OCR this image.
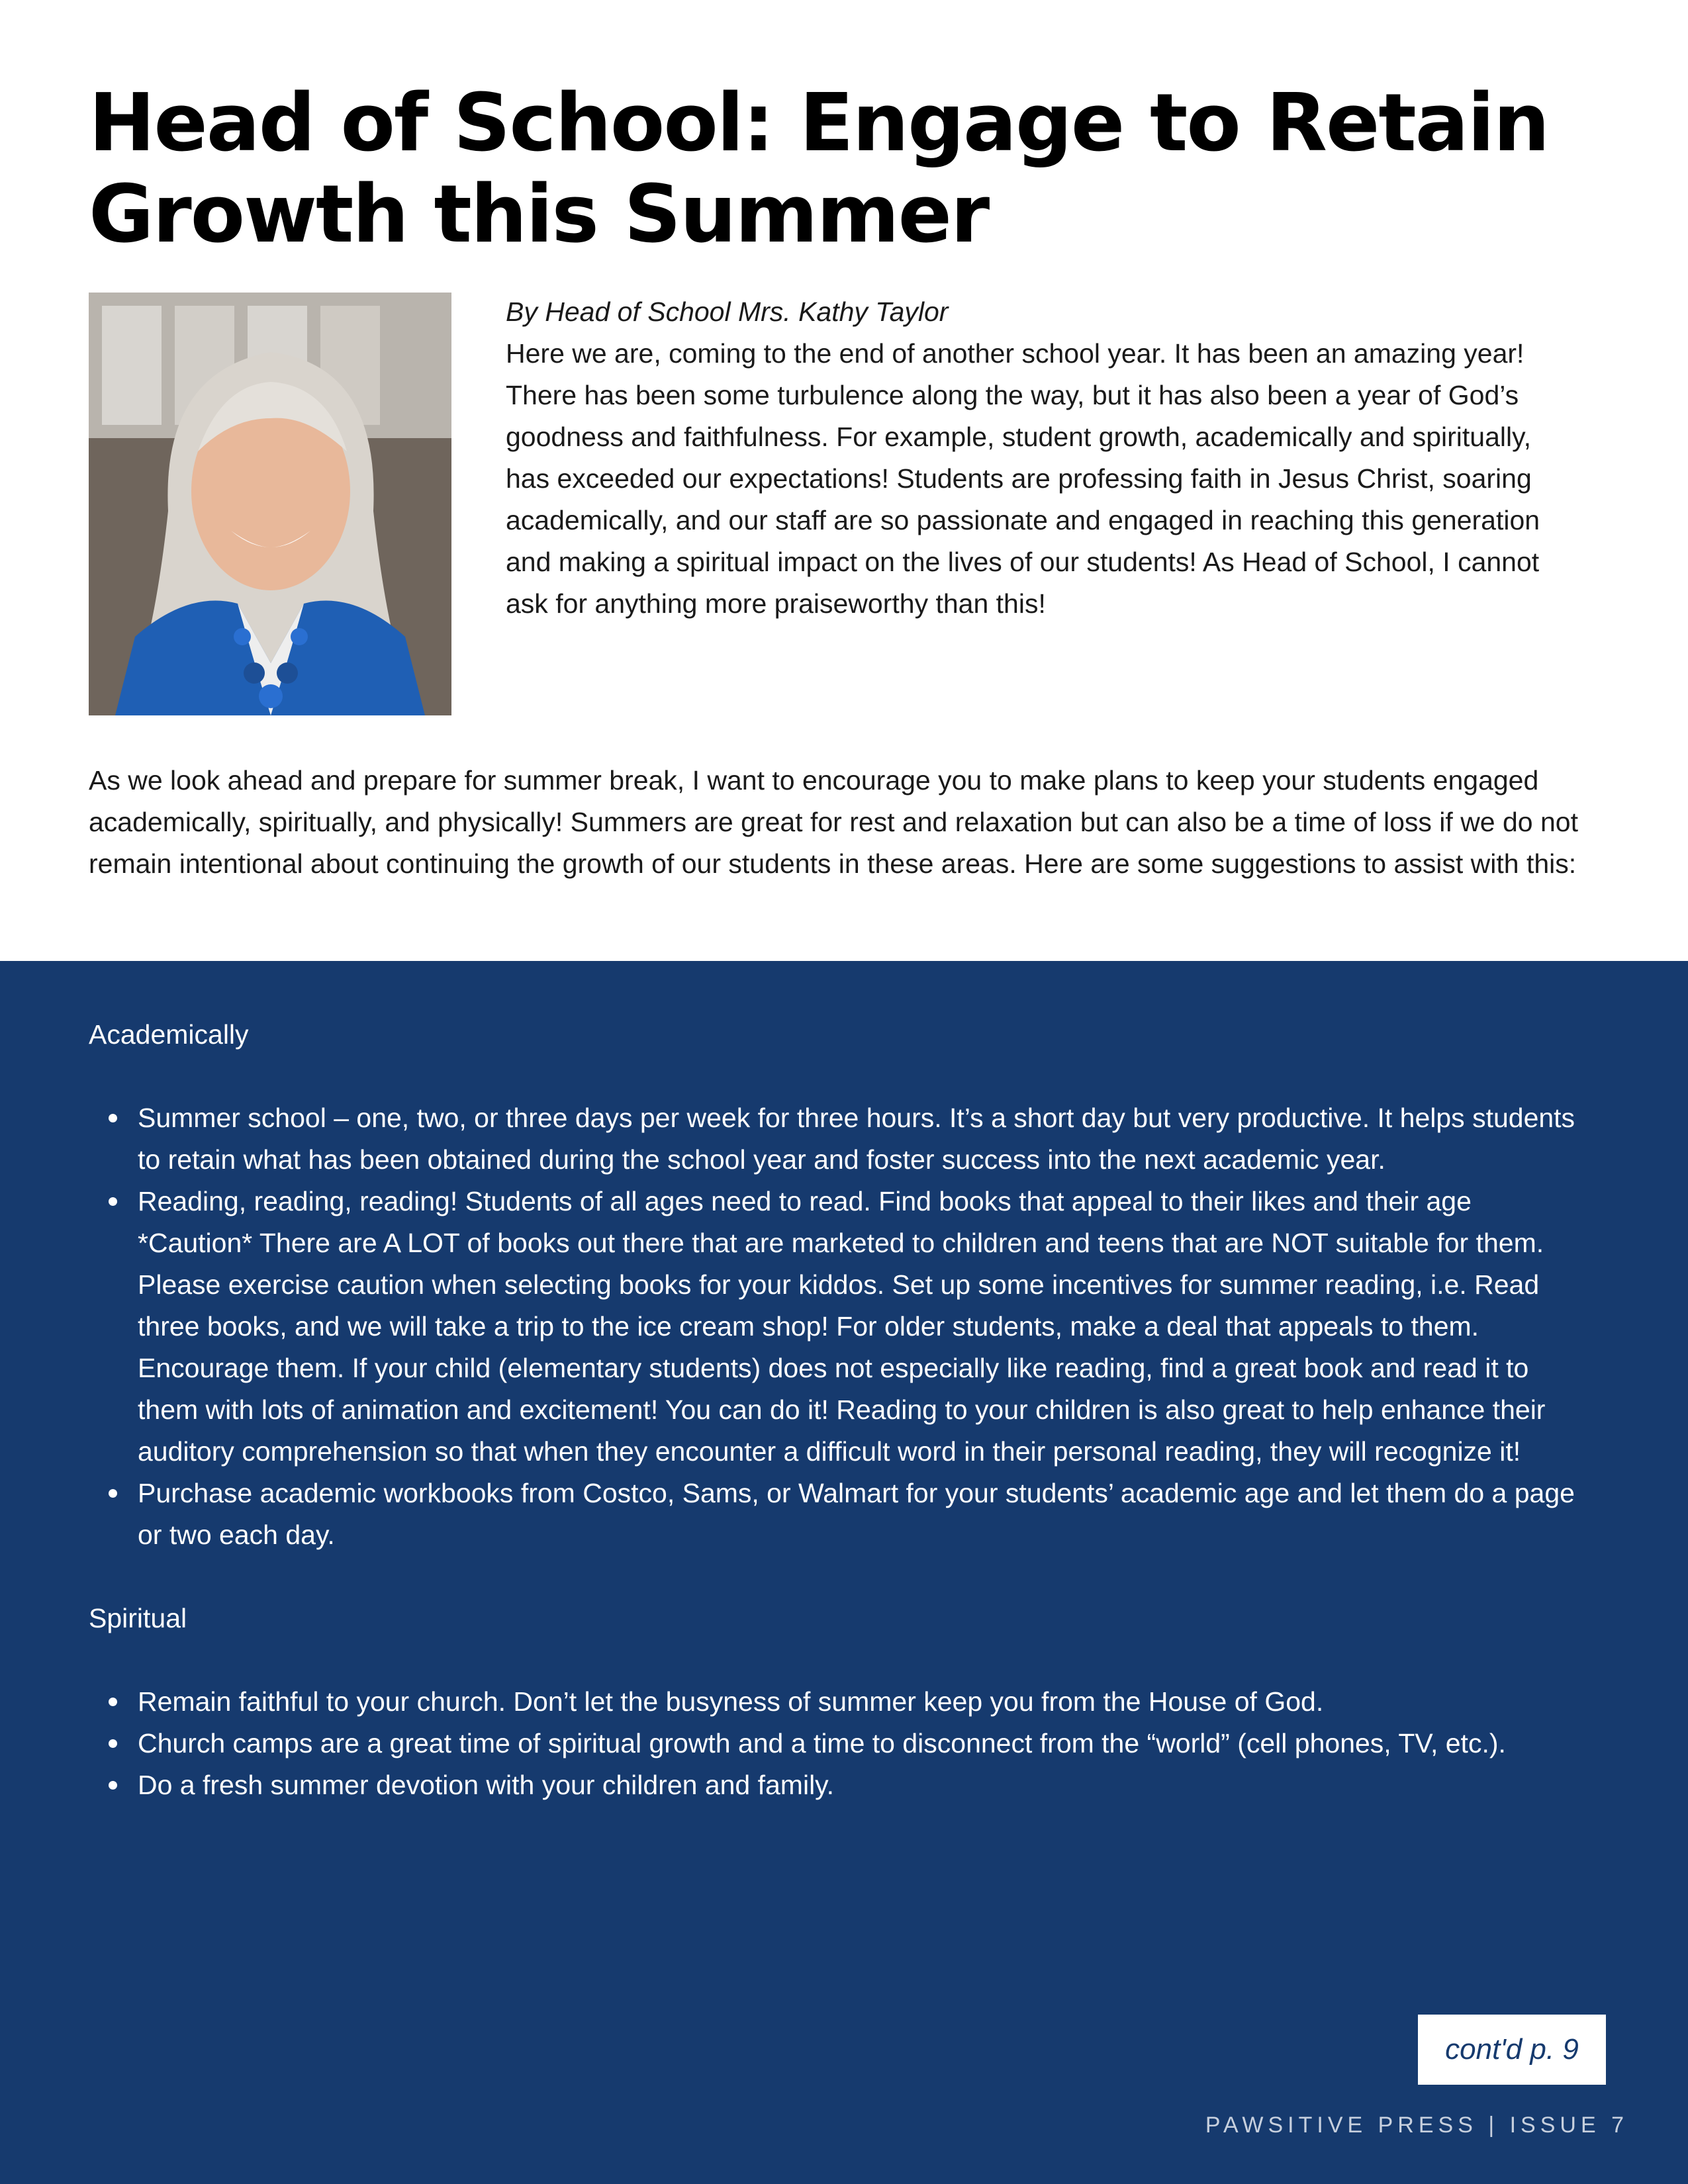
Head of School: Engage to Retain Growth this Summer

By Head of School Mrs. Kathy Taylor

Here we are, coming to the end of another school year. It has been an amazing year! There has been some turbulence along the way, but it has also been a year of God’s goodness and faithfulness. For example, student growth, academically and spiritually, has exceeded our expectations! Students are professing faith in Jesus Christ, soaring academically, and our staff are so passionate and engaged in reaching this generation and making a spiritual impact on the lives of our students! As Head of School, I cannot ask for anything more praiseworthy than this!

As we look ahead and prepare for summer break, I want to encourage you to make plans to keep your students engaged academically, spiritually, and physically! Summers are great for rest and relaxation but can also be a time of loss if we do not remain intentional about continuing the growth of our students in these areas. Here are some suggestions to assist with this:

Academically

Summer school – one, two, or three days per week for three hours. It’s a short day but very productive. It helps students to retain what has been obtained during the school year and foster success into the next academic year.
Reading, reading, reading! Students of all ages need to read. Find books that appeal to their likes and their age *Caution* There are A LOT of books out there that are marketed to children and teens that are NOT suitable for them. Please exercise caution when selecting books for your kiddos. Set up some incentives for summer reading, i.e. Read three books, and we will take a trip to the ice cream shop! For older students, make a deal that appeals to them. Encourage them. If your child (elementary students) does not especially like reading, find a great book and read it to them with lots of animation and excitement! You can do it! Reading to your children is also great to help enhance their auditory comprehension so that when they encounter a difficult word in their personal reading, they will recognize it!
Purchase academic workbooks from Costco, Sams, or Walmart for your students’ academic age and let them do a page or two each day.

Spiritual

Remain faithful to your church. Don’t let the busyness of summer keep you from the House of God.
Church camps are a great time of spiritual growth and a time to disconnect from the “world” (cell phones, TV, etc.).
Do a fresh summer devotion with your children and family.
cont'd p. 9
PAWSITIVE PRESS | ISSUE 7
